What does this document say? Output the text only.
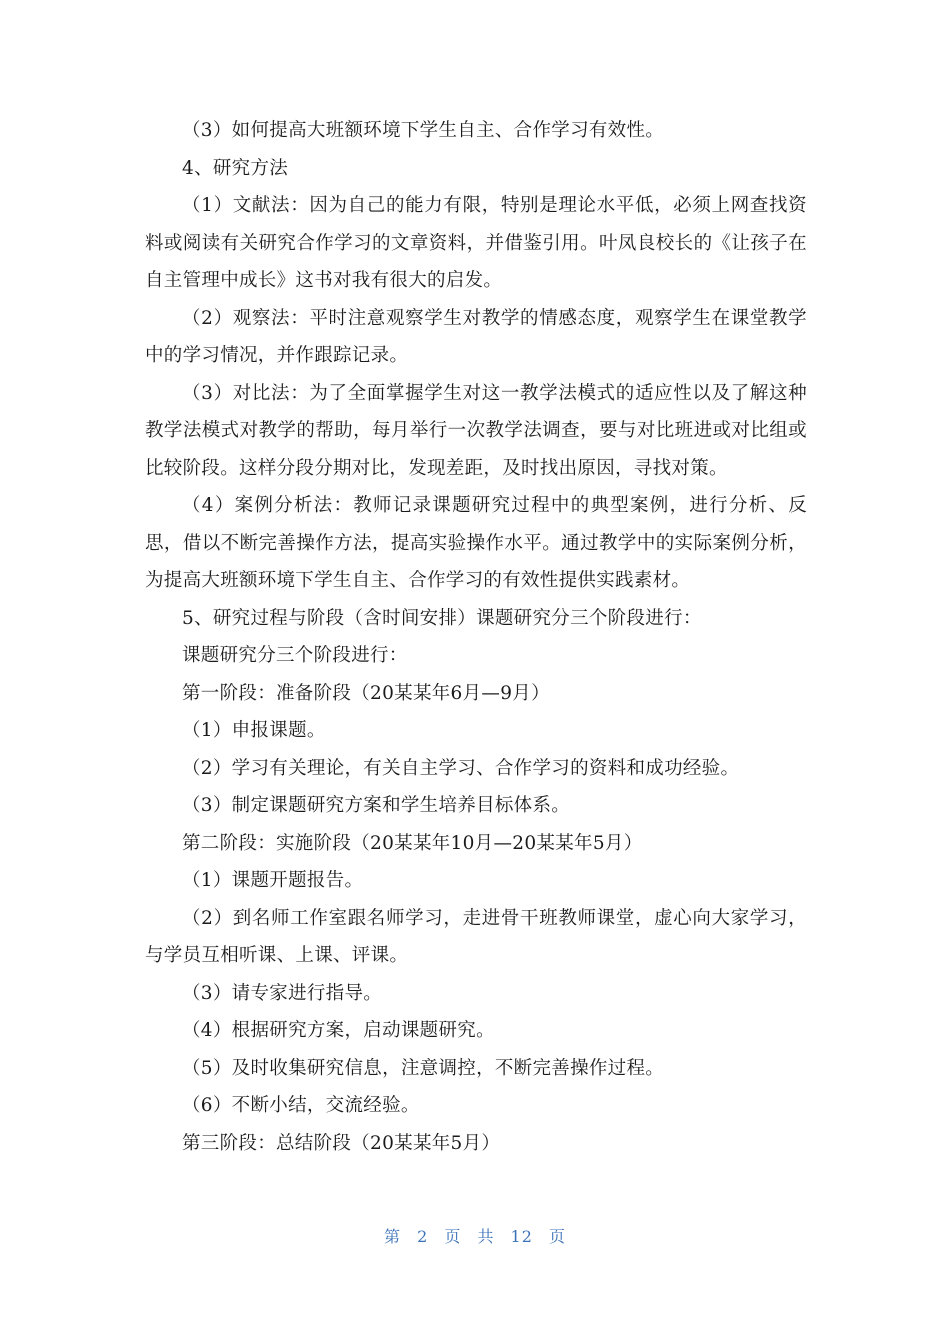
（3）如何提高大班额环境下学生自主、合作学习有效性。

4、研究方法

（1）文献法：因为自己的能力有限，特别是理论水平低，必须上网查找资料或阅读有关研究合作学习的文章资料，并借鉴引用。叶凤良校长的《让孩子在自主管理中成长》这书对我有很大的启发。

（2）观察法：平时注意观察学生对教学的情感态度，观察学生在课堂教学中的学习情况，并作跟踪记录。

（3）对比法：为了全面掌握学生对这一教学法模式的适应性以及了解这种教学法模式对教学的帮助，每月举行一次教学法调查，要与对比班进或对比组或比较阶段。这样分段分期对比，发现差距，及时找出原因，寻找对策。

（4）案例分析法：教师记录课题研究过程中的典型案例，进行分析、反思，借以不断完善操作方法，提高实验操作水平。通过教学中的实际案例分析，为提高大班额环境下学生自主、合作学习的有效性提供实践素材。

5、研究过程与阶段（含时间安排）课题研究分三个阶段进行：

课题研究分三个阶段进行：

第一阶段：准备阶段（20某某年6月—9月）

（1）申报课题。

（2）学习有关理论，有关自主学习、合作学习的资料和成功经验。

（3）制定课题研究方案和学生培养目标体系。

第二阶段：实施阶段（20某某年10月—20某某年5月）

（1）课题开题报告。

（2）到名师工作室跟名师学习，走进骨干班教师课堂，虚心向大家学习，与学员互相听课、上课、评课。

（3）请专家进行指导。

（4）根据研究方案，启动课题研究。

（5）及时收集研究信息，注意调控，不断完善操作过程。

（6）不断小结，交流经验。

第三阶段：总结阶段（20某某年5月）

第 2 页 共 12 页
